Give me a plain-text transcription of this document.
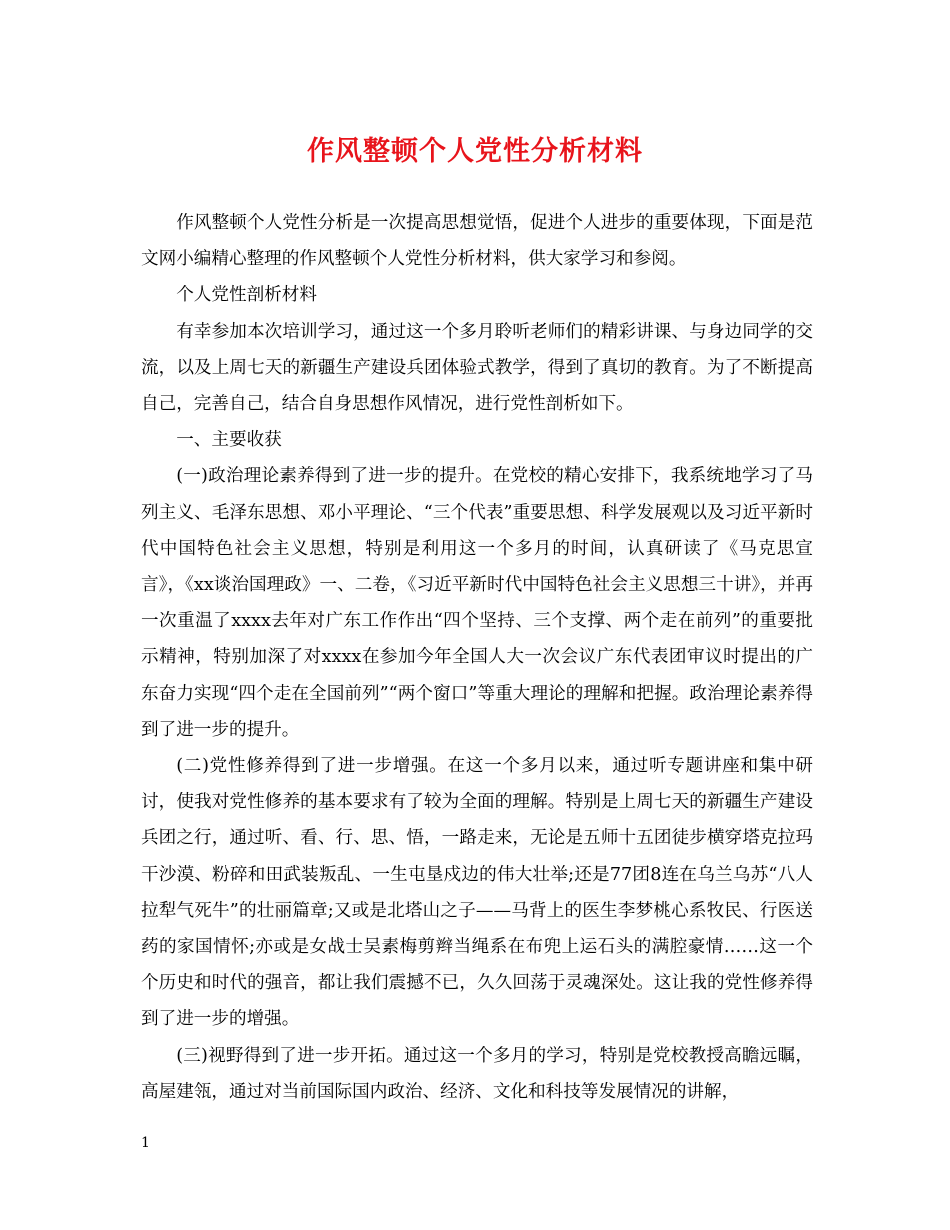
作风整顿个人党性分析材料

作风整顿个人党性分析是一次提高思想觉悟，促进个人进步的重要体现，下面是范文网小编精心整理的作风整顿个人党性分析材料，供大家学习和参阅。

个人党性剖析材料

有幸参加本次培训学习，通过这一个多月聆听老师们的精彩讲课、与身边同学的交流，以及上周七天的新疆生产建设兵团体验式教学，得到了真切的教育。为了不断提高自己，完善自己，结合自身思想作风情况，进行党性剖析如下。

一、主要收获

(一)政治理论素养得到了进一步的提升。在党校的精心安排下，我系统地学习了马列主义、毛泽东思想、邓小平理论、“三个代表”重要思想、科学发展观以及习近平新时代中国特色社会主义思想，特别是利用这一个多月的时间，认真研读了《马克思宣言》，《xx谈治国理政》一、二卷，《习近平新时代中国特色社会主义思想三十讲》，并再一次重温了xxxx去年对广东工作作出“四个坚持、三个支撑、两个走在前列”的重要批示精神，特别加深了对xxxx在参加今年全国人大一次会议广东代表团审议时提出的广东奋力实现“四个走在全国前列”“两个窗口”等重大理论的理解和把握。政治理论素养得到了进一步的提升。

(二)党性修养得到了进一步增强。在这一个多月以来，通过听专题讲座和集中研讨，使我对党性修养的基本要求有了较为全面的理解。特别是上周七天的新疆生产建设兵团之行，通过听、看、行、思、悟，一路走来，无论是五师十五团徒步横穿塔克拉玛干沙漠、粉碎和田武装叛乱、一生屯垦戍边的伟大壮举;还是77团8连在乌兰乌苏“八人拉犁气死牛”的壮丽篇章;又或是北塔山之子——马背上的医生李梦桃心系牧民、行医送药的家国情怀;亦或是女战士吴素梅剪辫当绳系在布兜上运石头的满腔豪情……这一个个历史和时代的强音，都让我们震撼不已，久久回荡于灵魂深处。这让我的党性修养得到了进一步的增强。

(三)视野得到了进一步开拓。通过这一个多月的学习，特别是党校教授高瞻远瞩，高屋建瓴，通过对当前国际国内政治、经济、文化和科技等发展情况的讲解，

1
